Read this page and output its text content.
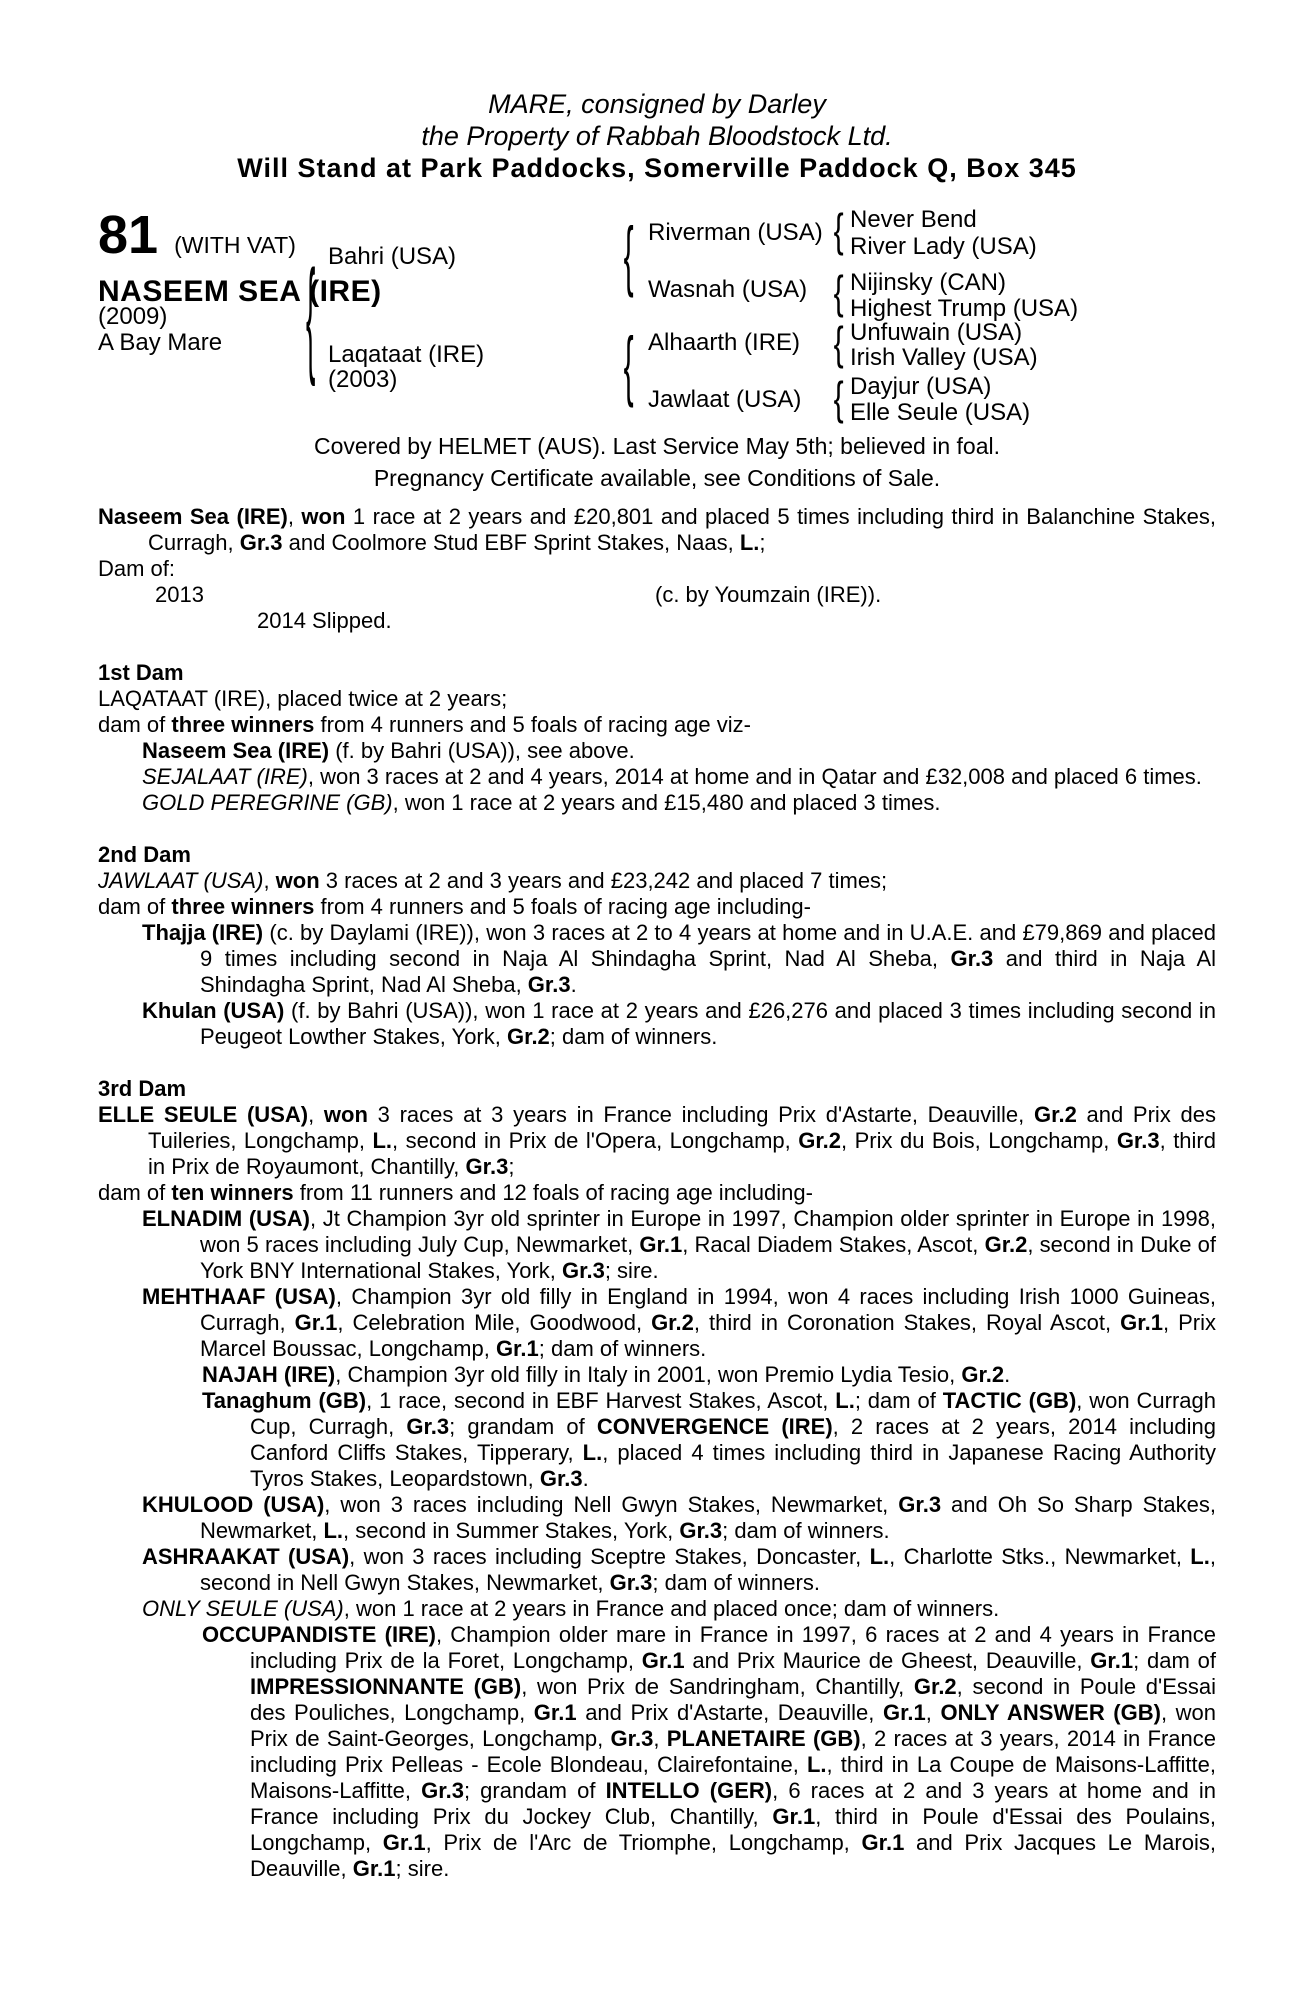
MARE, consigned by Darley
the Property of Rabbah Bloodstock Ltd.
Will Stand at Park Paddocks, Somerville Paddock Q, Box 345
81 (WITH VAT)
NASEEM SEA (IRE)
(2009)
A Bay Mare { Bahri (USA)
Laqataat (IRE)
(2003)
{
{
Riverman (USA)
Wasnah (USA)
Alhaarth (IRE)
Jawlaat (USA)
{
{
{
{
Never Bend
River Lady (USA)
Nijinsky (CAN)
Highest Trump (USA)
Unfuwain (USA)
Irish Valley (USA)
Dayjur (USA)
Elle Seule (USA)
Covered by HELMET (AUS). Last Service May 5th; believed in foal.
Pregnancy Certificate available, see Conditions of Sale.

Naseem Sea (IRE), won 1 race at 2 years and £20,801 and placed 5 times including third in Balanchine Stakes, Curragh, Gr.3 and Coolmore Stud EBF Sprint Stakes, Naas, L.;

Dam of:

2013	(c. by Youmzain (IRE)).

2014 Slipped.

1st Dam

LAQATAAT (IRE), placed twice at 2 years;

dam of three winners from 4 runners and 5 foals of racing age viz-

Naseem Sea (IRE) (f. by Bahri (USA)), see above.

SEJALAAT (IRE), won 3 races at 2 and 4 years, 2014 at home and in Qatar and £32,008 and placed 6 times.

GOLD PEREGRINE (GB), won 1 race at 2 years and £15,480 and placed 3 times.

2nd Dam

JAWLAAT (USA), won 3 races at 2 and 3 years and £23,242 and placed 7 times;

dam of three winners from 4 runners and 5 foals of racing age including-

Thajja (IRE) (c. by Daylami (IRE)), won 3 races at 2 to 4 years at home and in U.A.E. and £79,869 and placed 9 times including second in Naja Al Shindagha Sprint, Nad Al Sheba, Gr.3 and third in Naja Al Shindagha Sprint, Nad Al Sheba, Gr.3.

Khulan (USA) (f. by Bahri (USA)), won 1 race at 2 years and £26,276 and placed 3 times including second in Peugeot Lowther Stakes, York, Gr.2; dam of winners.

3rd Dam

ELLE SEULE (USA), won 3 races at 3 years in France including Prix d'Astarte, Deauville, Gr.2 and Prix des Tuileries, Longchamp, L., second in Prix de l'Opera, Longchamp, Gr.2, Prix du Bois, Longchamp, Gr.3, third in Prix de Royaumont, Chantilly, Gr.3;

dam of ten winners from 11 runners and 12 foals of racing age including-

ELNADIM (USA), Jt Champion 3yr old sprinter in Europe in 1997, Champion older sprinter in Europe in 1998, won 5 races including July Cup, Newmarket, Gr.1, Racal Diadem Stakes, Ascot, Gr.2, second in Duke of York BNY International Stakes, York, Gr.3; sire.

MEHTHAAF (USA), Champion 3yr old filly in England in 1994, won 4 races including Irish 1000 Guineas, Curragh, Gr.1, Celebration Mile, Goodwood, Gr.2, third in Coronation Stakes, Royal Ascot, Gr.1, Prix Marcel Boussac, Longchamp, Gr.1; dam of winners.

NAJAH (IRE), Champion 3yr old filly in Italy in 2001, won Premio Lydia Tesio, Gr.2.

Tanaghum (GB), 1 race, second in EBF Harvest Stakes, Ascot, L.; dam of TACTIC (GB), won Curragh Cup, Curragh, Gr.3; grandam of CONVERGENCE (IRE), 2 races at 2 years, 2014 including Canford Cliffs Stakes, Tipperary, L., placed 4 times including third in Japanese Racing Authority Tyros Stakes, Leopardstown, Gr.3.

KHULOOD (USA), won 3 races including Nell Gwyn Stakes, Newmarket, Gr.3 and Oh So Sharp Stakes, Newmarket, L., second in Summer Stakes, York, Gr.3; dam of winners.

ASHRAAKAT (USA), won 3 races including Sceptre Stakes, Doncaster, L., Charlotte Stks., Newmarket, L., second in Nell Gwyn Stakes, Newmarket, Gr.3; dam of winners.

ONLY SEULE (USA), won 1 race at 2 years in France and placed once; dam of winners.

OCCUPANDISTE (IRE), Champion older mare in France in 1997, 6 races at 2 and 4 years in France including Prix de la Foret, Longchamp, Gr.1 and Prix Maurice de Gheest, Deauville, Gr.1; dam of IMPRESSIONNANTE (GB), won Prix de Sandringham, Chantilly, Gr.2, second in Poule d'Essai des Pouliches, Longchamp, Gr.1 and Prix d'Astarte, Deauville, Gr.1, ONLY ANSWER (GB), won Prix de Saint-Georges, Longchamp, Gr.3, PLANETAIRE (GB), 2 races at 3 years, 2014 in France including Prix Pelleas - Ecole Blondeau, Clairefontaine, L., third in La Coupe de Maisons-Laffitte, Maisons-Laffitte, Gr.3; grandam of INTELLO (GER), 6 races at 2 and 3 years at home and in France including Prix du Jockey Club, Chantilly, Gr.1, third in Poule d'Essai des Poulains, Longchamp, Gr.1, Prix de l'Arc de Triomphe, Longchamp, Gr.1 and Prix Jacques Le Marois, Deauville, Gr.1; sire.
